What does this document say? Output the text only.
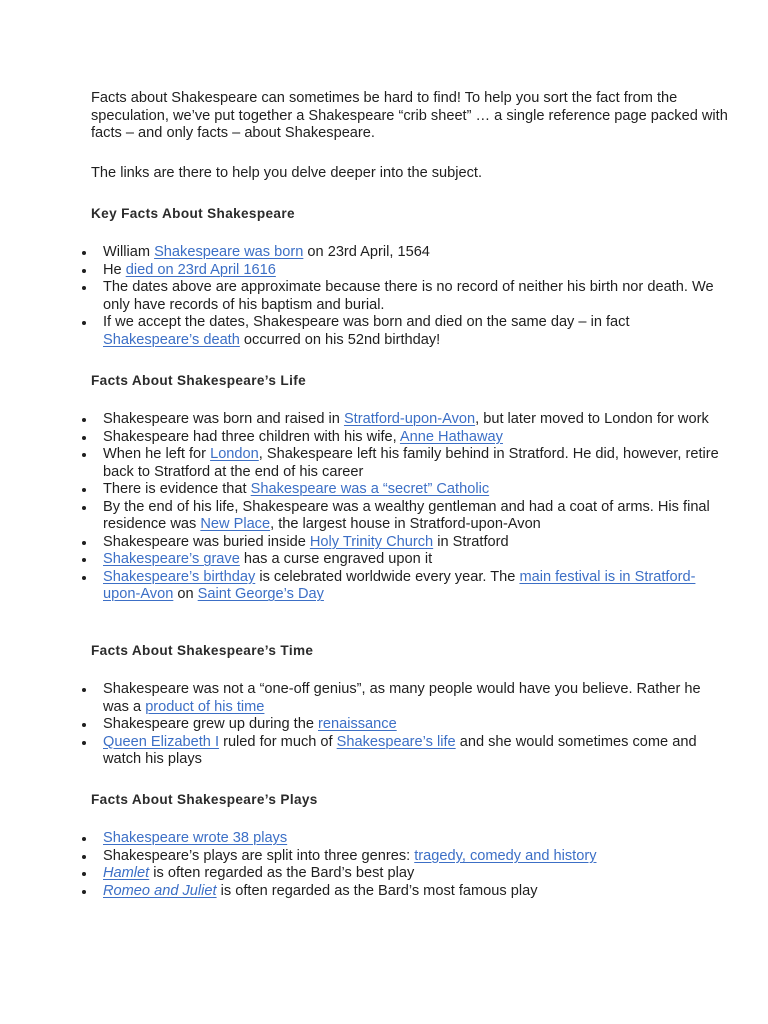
Facts about Shakespeare can sometimes be hard to find! To help you sort the fact from the speculation, we’ve put together a Shakespeare “crib sheet” … a single reference page packed with facts – and only facts – about Shakespeare.

The links are there to help you delve deeper into the subject.

Key Facts About Shakespeare
William Shakespeare was born on 23rd April, 1564
He died on 23rd April 1616
The dates above are approximate because there is no record of neither his birth nor death. We only have records of his baptism and burial.
If we accept the dates, Shakespeare was born and died on the same day – in fact Shakespeare’s death occurred on his 52nd birthday!
Facts About Shakespeare’s Life
Shakespeare was born and raised in Stratford-upon-Avon, but later moved to London for work
Shakespeare had three children with his wife, Anne Hathaway
When he left for London, Shakespeare left his family behind in Stratford. He did, however, retire back to Stratford at the end of his career
There is evidence that Shakespeare was a “secret” Catholic
By the end of his life, Shakespeare was a wealthy gentleman and had a coat of arms. His final residence was New Place, the largest house in Stratford-upon-Avon
Shakespeare was buried inside Holy Trinity Church in Stratford
Shakespeare’s grave has a curse engraved upon it
Shakespeare’s birthday is celebrated worldwide every year. The main festival is in Stratford-upon-Avon on Saint George’s Day
Facts About Shakespeare’s Time
Shakespeare was not a “one-off genius”, as many people would have you believe. Rather he was a product of his time
Shakespeare grew up during the renaissance
Queen Elizabeth I ruled for much of Shakespeare’s life and she would sometimes come and watch his plays
Facts About Shakespeare’s Plays
Shakespeare wrote 38 plays
Shakespeare’s plays are split into three genres: tragedy, comedy and history
Hamlet is often regarded as the Bard’s best play
Romeo and Juliet is often regarded as the Bard’s most famous play
